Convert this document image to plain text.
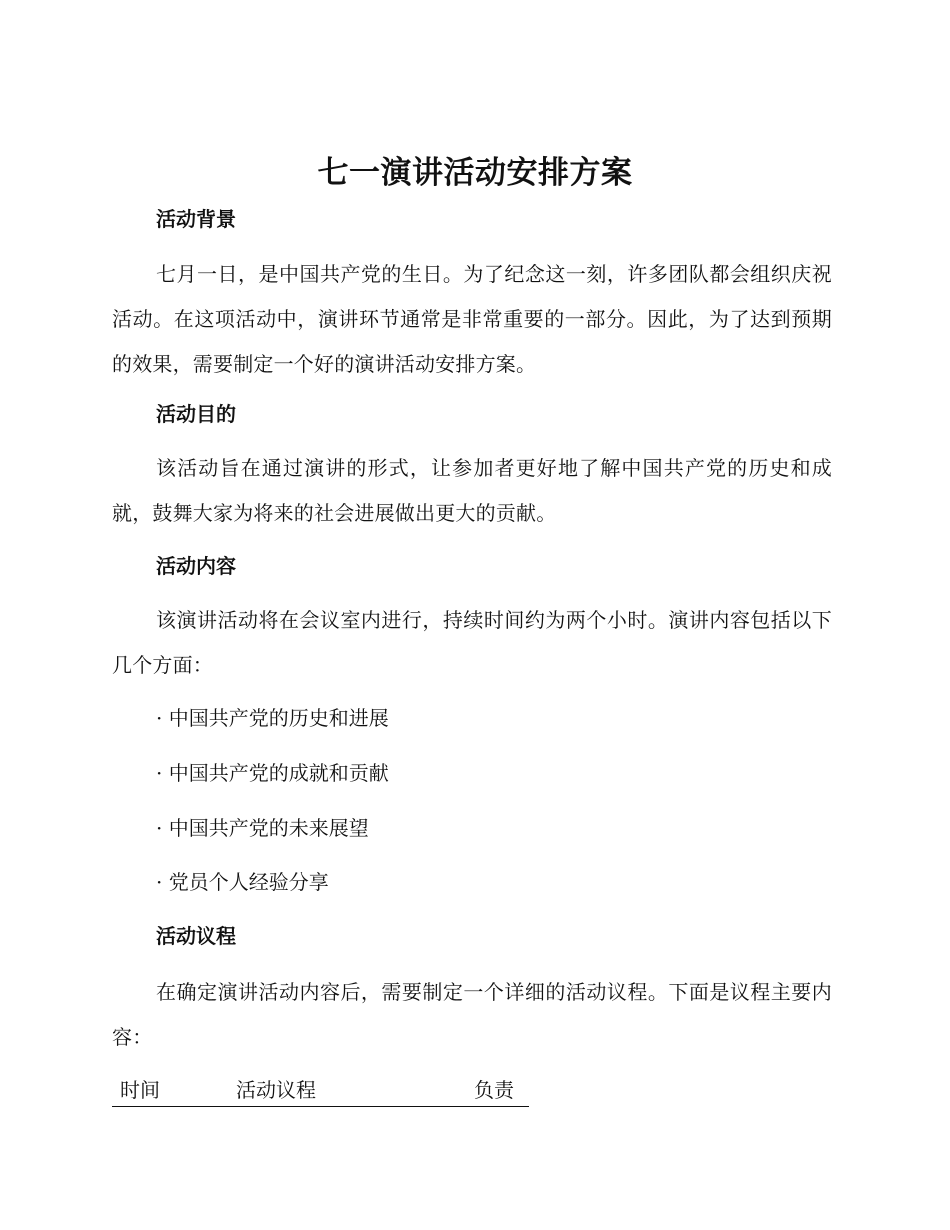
七一演讲活动安排方案
活动背景
七月一日，是中国共产党的生日。为了纪念这一刻，许多团队都会组织庆祝活动。在这项活动中，演讲环节通常是非常重要的一部分。因此，为了达到预期的效果，需要制定一个好的演讲活动安排方案。
活动目的
该活动旨在通过演讲的形式，让参加者更好地了解中国共产党的历史和成就，鼓舞大家为将来的社会进展做出更大的贡献。
活动内容
该演讲活动将在会议室内进行，持续时间约为两个小时。演讲内容包括以下几个方面：
· 中国共产党的历史和进展
· 中国共产党的成就和贡献
· 中国共产党的未来展望
· 党员个人经验分享
活动议程
在确定演讲活动内容后，需要制定一个详细的活动议程。下面是议程主要内容：
时间	活动议程	负责
